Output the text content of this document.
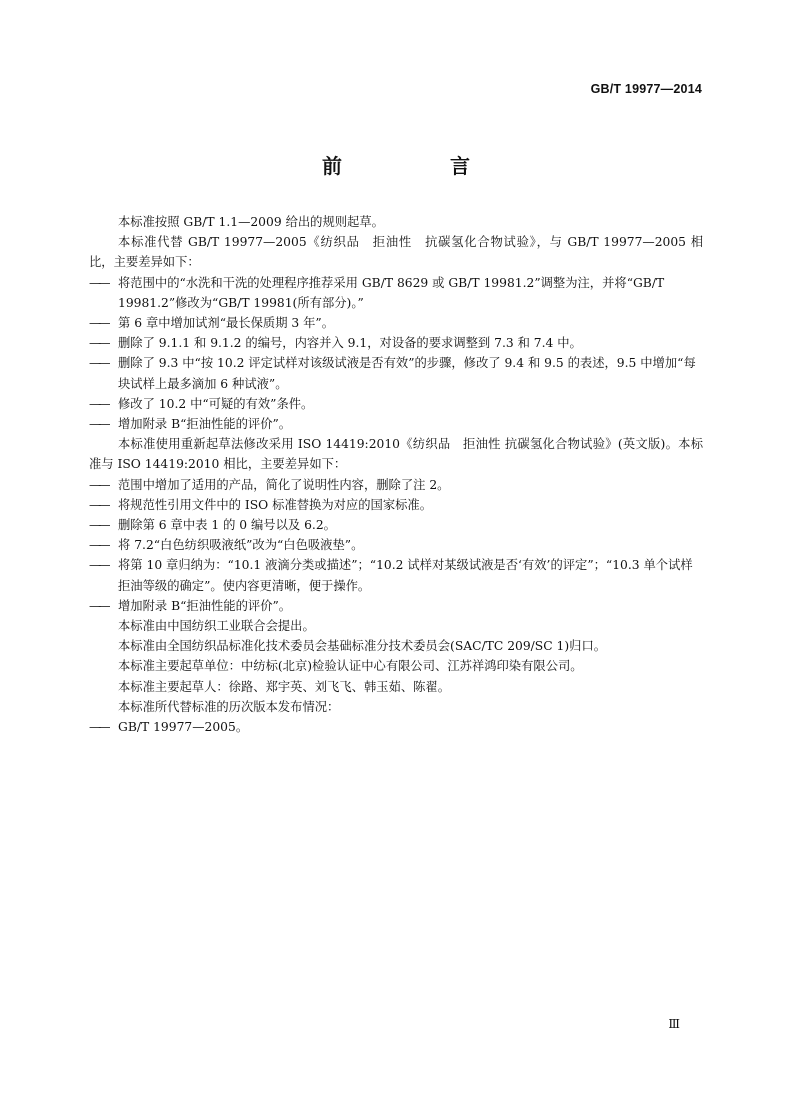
GB/T 19977—2014
前　言

本标准按照 GB/T 1.1—2009 给出的规则起草。

本标准代替 GB/T 19977—2005《纺织品　拒油性　抗碳氢化合物试验》，与 GB/T 19977—2005 相比，主要差异如下：

—— 将范围中的“水洗和干洗的处理程序推荐采用 GB/T 8629 或 GB/T 19981.2”调整为注，并将“GB/T 19981.2”修改为“GB/T 19981(所有部分)。”

—— 第 6 章中增加试剂“最长保质期 3 年”。

—— 删除了 9.1.1 和 9.1.2 的编号，内容并入 9.1，对设备的要求调整到 7.3 和 7.4 中。

—— 删除了 9.3 中“按 10.2 评定试样对该级试液是否有效”的步骤，修改了 9.4 和 9.5 的表述，9.5 中增加“每块试样上最多滴加 6 种试液”。

—— 修改了 10.2 中“可疑的有效”条件。

—— 增加附录 B“拒油性能的评价”。

本标准使用重新起草法修改采用 ISO 14419:2010《纺织品　拒油性 抗碳氢化合物试验》(英文版)。本标准与 ISO 14419:2010 相比，主要差异如下：

—— 范围中增加了适用的产品，简化了说明性内容，删除了注 2。

—— 将规范性引用文件中的 ISO 标准替换为对应的国家标准。

—— 删除第 6 章中表 1 的 0 编号以及 6.2。

—— 将 7.2“白色纺织吸液纸”改为“白色吸液垫”。

—— 将第 10 章归纳为：“10.1 液滴分类或描述”；“10.2 试样对某级试液是否‘有效’的评定”；“10.3 单个试样拒油等级的确定”。使内容更清晰，便于操作。

—— 增加附录 B“拒油性能的评价”。

本标准由中国纺织工业联合会提出。

本标准由全国纺织品标准化技术委员会基础标准分技术委员会(SAC/TC 209/SC 1)归口。

本标准主要起草单位：中纺标(北京)检验认证中心有限公司、江苏祥鸿印染有限公司。

本标准主要起草人：徐路、郑宇英、刘飞飞、韩玉茹、陈翟。

本标准所代替标准的历次版本发布情况：

—— GB/T 19977—2005。

Ⅲ
